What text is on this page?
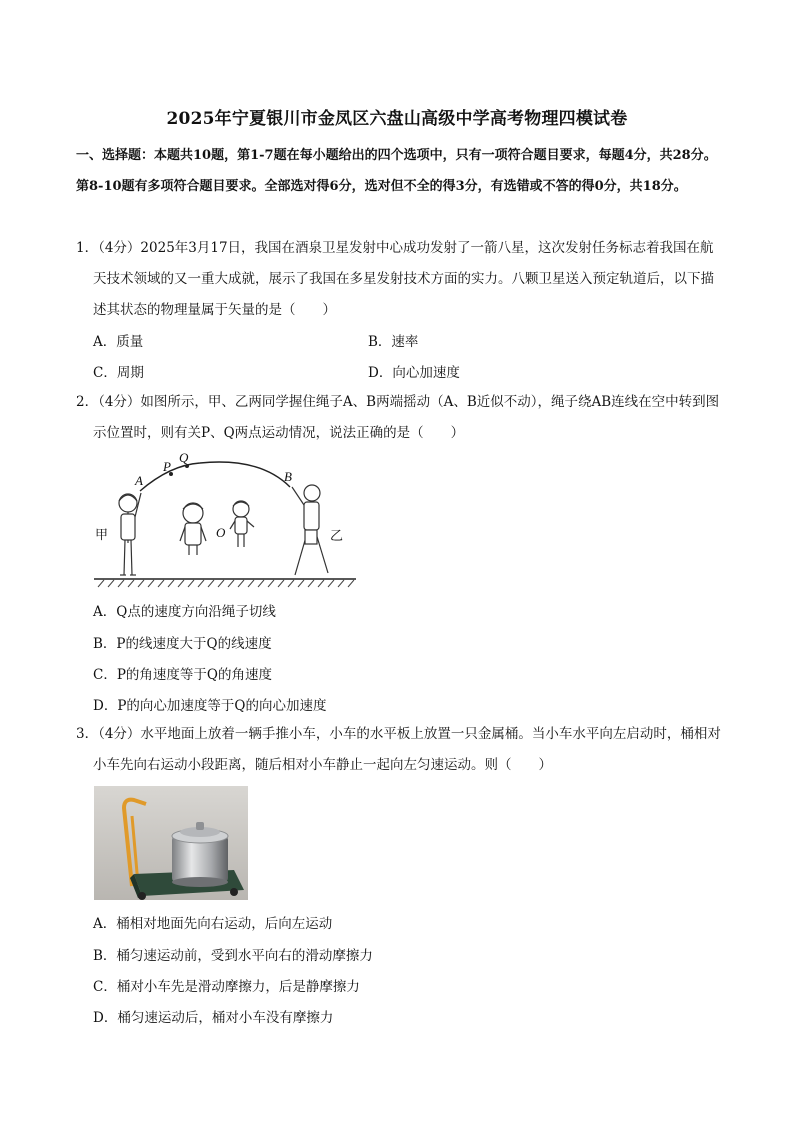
2025年宁夏银川市金凤区六盘山高级中学高考物理四模试卷
一、选择题：本题共10题，第1-7题在每小题给出的四个选项中，只有一项符合题目要求，每题4分，共28分。第8-10题有多项符合题目要求。全部选对得6分，选对但不全的得3分，有选错或不答的得0分，共18分。
1．（4分）2025年3月17日，我国在酒泉卫星发射中心成功发射了一箭八星，这次发射任务标志着我国在航天技术领域的又一重大成就，展示了我国在多星发射技术方面的实力。八颗卫星送入预定轨道后，以下描述其状态的物理量属于矢量的是（　　）
A．质量	B．速率
C．周期	D．向心加速度
2．（4分）如图所示，甲、乙两同学握住绳子A、B两端摇动（A、B近似不动），绳子绕AB连线在空中转到图示位置时，则有关P、Q两点运动情况，说法正确的是（　　）
A
P
Q
B
O
甲	乙
A．Q点的速度方向沿绳子切线
B．P的线速度大于Q的线速度
C．P的角速度等于Q的角速度
D．P的向心加速度等于Q的向心加速度
3．（4分）水平地面上放着一辆手推小车，小车的水平板上放置一只金属桶。当小车水平向左启动时，桶相对小车先向右运动小段距离，随后相对小车静止一起向左匀速运动。则（　　）
A．桶相对地面先向右运动，后向左运动
B．桶匀速运动前，受到水平向右的滑动摩擦力
C．桶对小车先是滑动摩擦力，后是静摩擦力
D．桶匀速运动后，桶对小车没有摩擦力
